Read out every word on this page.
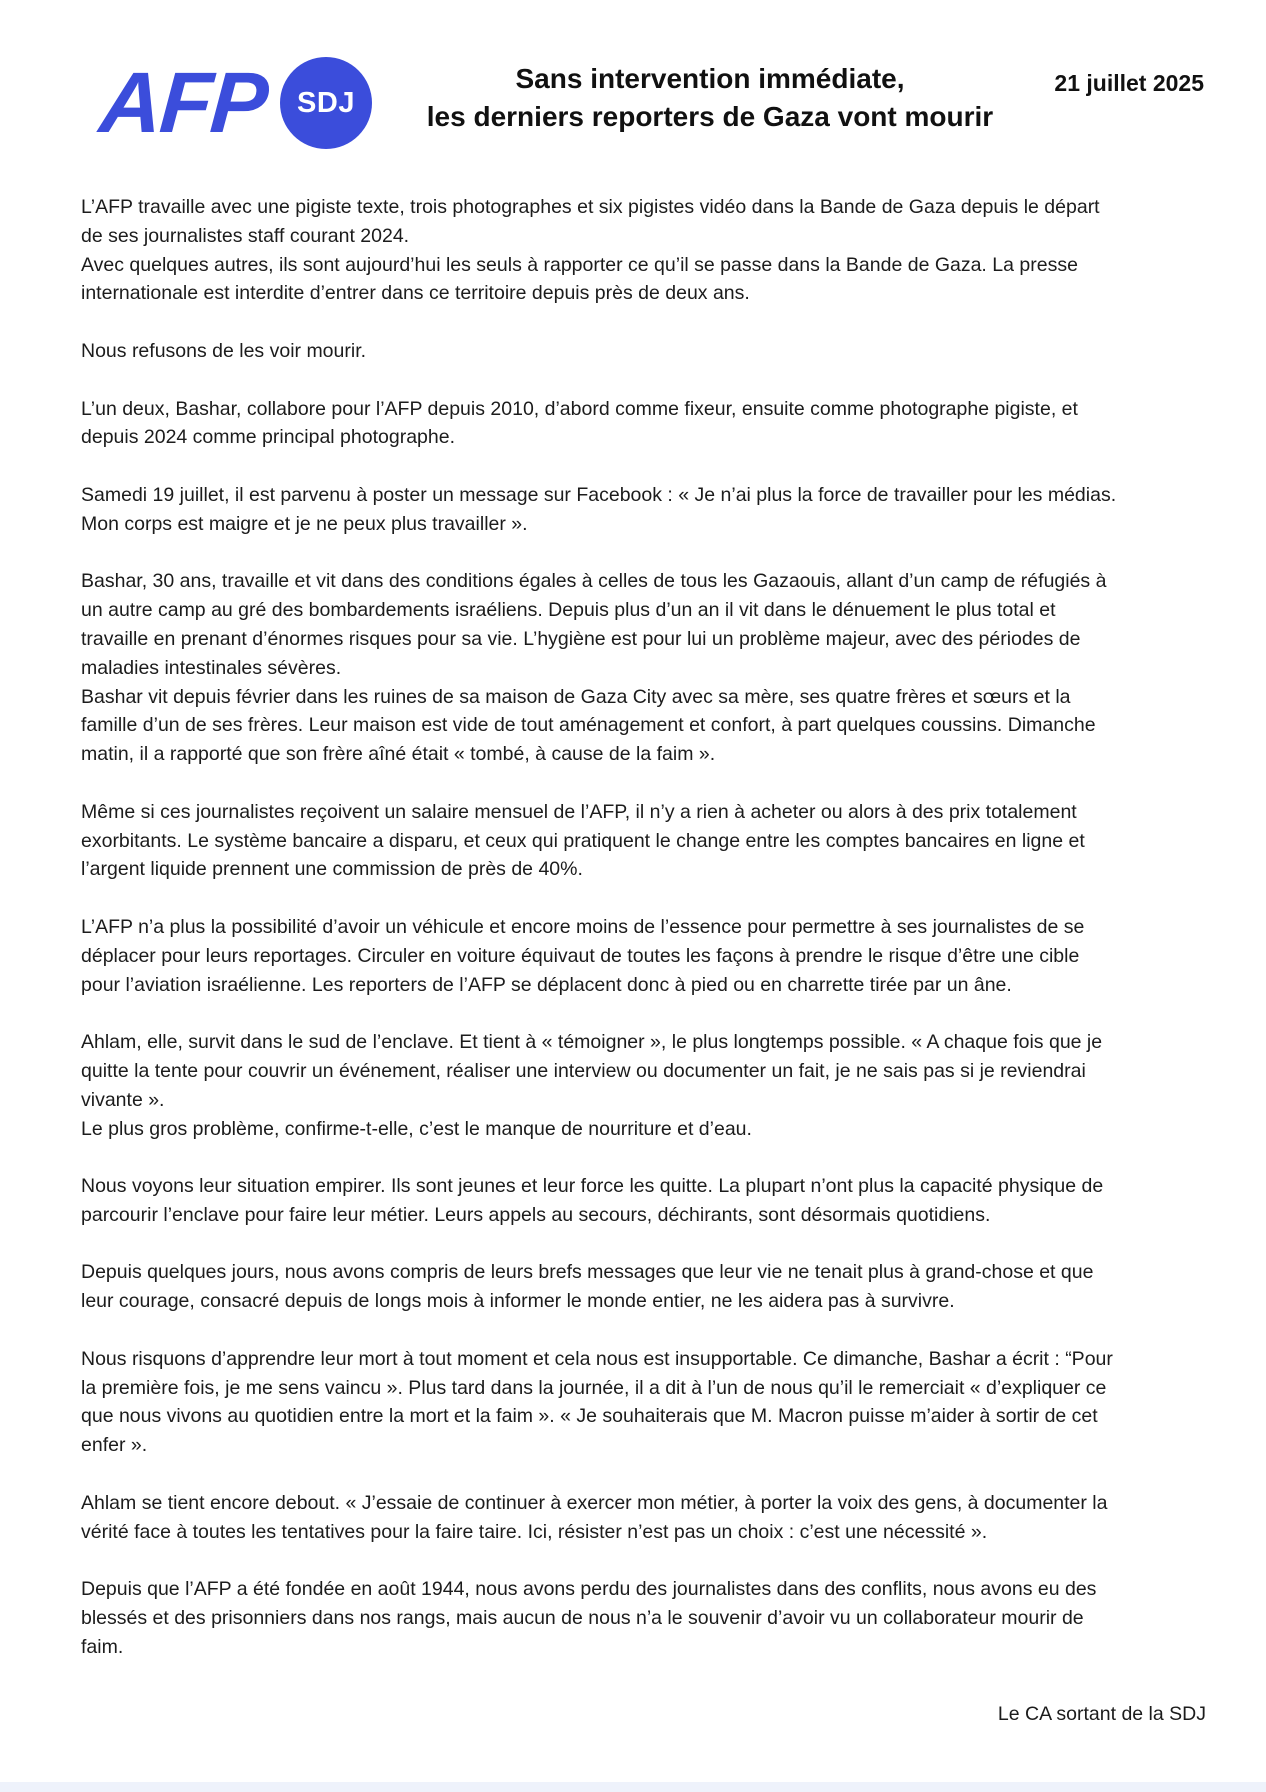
AFP SDJ
Sans intervention immédiate,
les derniers reporters de Gaza vont mourir
21 juillet 2025
L’AFP travaille avec une pigiste texte, trois photographes et six pigistes vidéo dans la Bande de Gaza depuis le départ
de ses journalistes staff courant 2024.
Avec quelques autres, ils sont aujourd’hui les seuls à rapporter ce qu’il se passe dans la Bande de Gaza. La presse
internationale est interdite d’entrer dans ce territoire depuis près de deux ans.
Nous refusons de les voir mourir.
L’un deux, Bashar, collabore pour l’AFP depuis 2010, d’abord comme fixeur, ensuite comme photographe pigiste, et
depuis 2024 comme principal photographe.
Samedi 19 juillet, il est parvenu à poster un message sur Facebook : « Je n’ai plus la force de travailler pour les médias.
Mon corps est maigre et je ne peux plus travailler ».
Bashar, 30 ans, travaille et vit dans des conditions égales à celles de tous les Gazaouis, allant d’un camp de réfugiés à
un autre camp au gré des bombardements israéliens. Depuis plus d’un an il vit dans le dénuement le plus total et
travaille en prenant d’énormes risques pour sa vie. L’hygiène est pour lui un problème majeur, avec des périodes de
maladies intestinales sévères.
Bashar vit depuis février dans les ruines de sa maison de Gaza City avec sa mère, ses quatre frères et sœurs et la
famille d’un de ses frères. Leur maison est vide de tout aménagement et confort, à part quelques coussins. Dimanche
matin, il a rapporté que son frère aîné était « tombé, à cause de la faim ».
Même si ces journalistes reçoivent un salaire mensuel de l’AFP, il n’y a rien à acheter ou alors à des prix totalement
exorbitants. Le système bancaire a disparu, et ceux qui pratiquent le change entre les comptes bancaires en ligne et
l’argent liquide prennent une commission de près de 40%.
L’AFP n’a plus la possibilité d’avoir un véhicule et encore moins de l’essence pour permettre à ses journalistes de se
déplacer pour leurs reportages. Circuler en voiture équivaut de toutes les façons à prendre le risque d’être une cible
pour l’aviation israélienne. Les reporters de l’AFP se déplacent donc à pied ou en charrette tirée par un âne.
Ahlam, elle, survit dans le sud de l’enclave. Et tient à « témoigner », le plus longtemps possible. « A chaque fois que je
quitte la tente pour couvrir un événement, réaliser une interview ou documenter un fait, je ne sais pas si je reviendrai
vivante ».
Le plus gros problème, confirme-t-elle, c’est le manque de nourriture et d’eau.
Nous voyons leur situation empirer. Ils sont jeunes et leur force les quitte. La plupart n’ont plus la capacité physique de
parcourir l’enclave pour faire leur métier. Leurs appels au secours, déchirants, sont désormais quotidiens.
Depuis quelques jours, nous avons compris de leurs brefs messages que leur vie ne tenait plus à grand-chose et que
leur courage, consacré depuis de longs mois à informer le monde entier, ne les aidera pas à survivre.
Nous risquons d’apprendre leur mort à tout moment et cela nous est insupportable. Ce dimanche, Bashar a écrit : “Pour
la première fois, je me sens vaincu ». Plus tard dans la journée, il a dit à l’un de nous qu’il le remerciait « d’expliquer ce
que nous vivons au quotidien entre la mort et la faim ». « Je souhaiterais que M. Macron puisse m’aider à sortir de cet
enfer ».
Ahlam se tient encore debout. « J’essaie de continuer à exercer mon métier, à porter la voix des gens, à documenter la
vérité face à toutes les tentatives pour la faire taire. Ici, résister n’est pas un choix : c’est une nécessité ».
Depuis que l’AFP a été fondée en août 1944, nous avons perdu des journalistes dans des conflits, nous avons eu des
blessés et des prisonniers dans nos rangs, mais aucun de nous n’a le souvenir d’avoir vu un collaborateur mourir de
faim.
Le CA sortant de la SDJ
